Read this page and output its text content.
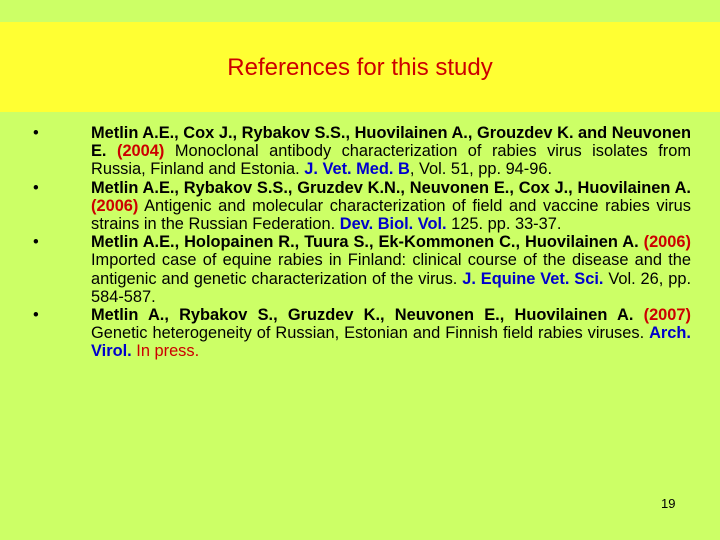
References for this study
• Metlin A.E., Cox J., Rybakov S.S., Huovilainen A., Grouzdev K. and Neuvonen E. (2004) Monoclonal antibody characterization of rabies virus isolates from Russia, Finland and Estonia. J. Vet. Med. B, Vol. 51, pp. 94-96.
• Metlin A.E., Rybakov S.S., Gruzdev K.N., Neuvonen E., Cox J., Huovilainen A. (2006) Antigenic and molecular characterization of field and vaccine rabies virus strains in the Russian Federation. Dev. Biol. Vol. 125. pp. 33-37.
• Metlin A.E., Holopainen R., Tuura S., Ek-Kommonen C., Huovilainen A. (2006) Imported case of equine rabies in Finland: clinical course of the disease and the antigenic and genetic characterization of the virus. J. Equine Vet. Sci. Vol. 26, pp. 584-587.
• Metlin A., Rybakov S., Gruzdev K., Neuvonen E., Huovilainen A. (2007) Genetic heterogeneity of Russian, Estonian and Finnish field rabies viruses. Arch. Virol. In press.
19
